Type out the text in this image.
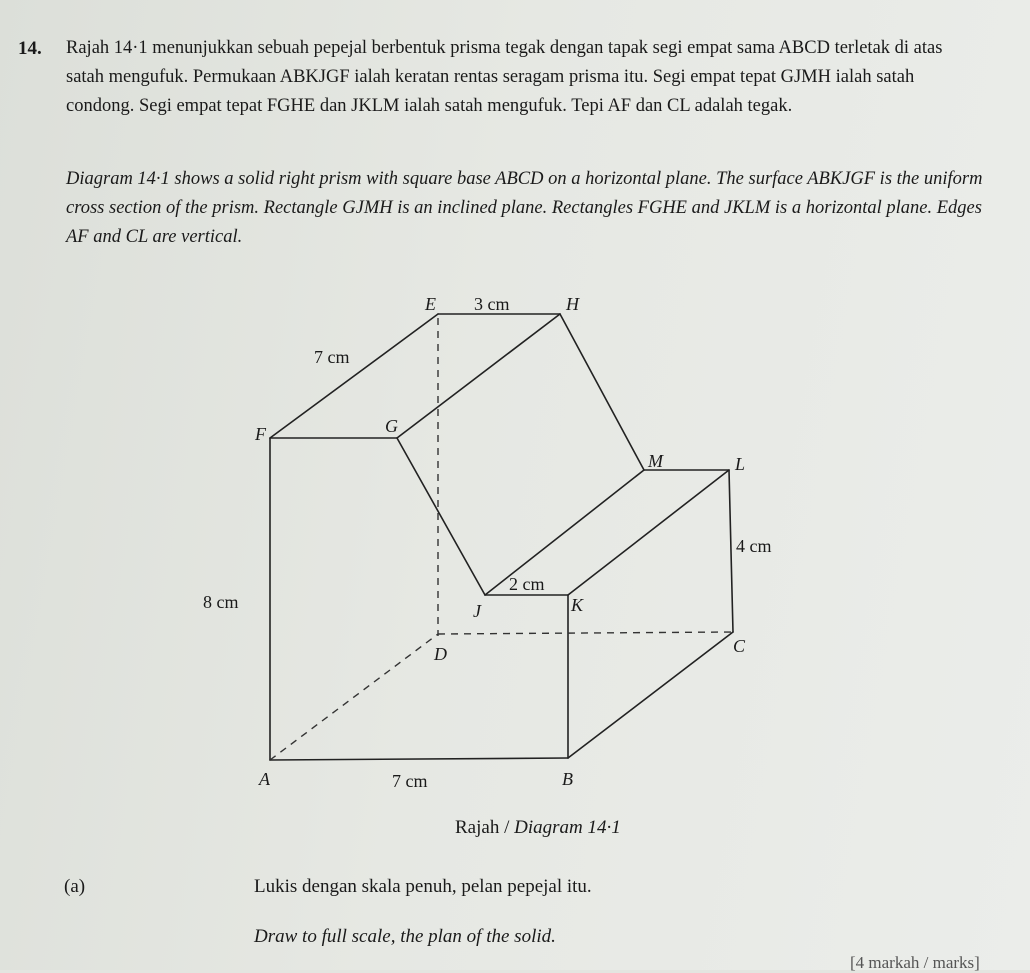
14. Rajah 14·1 menunjukkan sebuah pepejal berbentuk prisma tegak dengan tapak segi empat sama ABCD terletak di atas satah mengufuk. Permukaan ABKJGF ialah keratan rentas seragam prisma itu. Segi empat tepat GJMH ialah satah condong. Segi empat tepat FGHE dan JKLM ialah satah mengufuk. Tepi AF dan CL adalah tegak.

Diagram 14·1 shows a solid right prism with square base ABCD on a horizontal plane. The surface ABKJGF is the uniform cross section of the prism. Rectangle GJMH is an inclined plane. Rectangles FGHE and JKLM is a horizontal plane. Edges AF and CL are vertical.

E	H
F	G
M	L
J	K
D	C
A	B
3 cm
7 cm
4 cm
2 cm
8 cm
7 cm
Rajah / Diagram 14·1
(a)	Lukis dengan skala penuh, pelan pepejal itu.
Draw to full scale, the plan of the solid.
[4 markah / marks]
